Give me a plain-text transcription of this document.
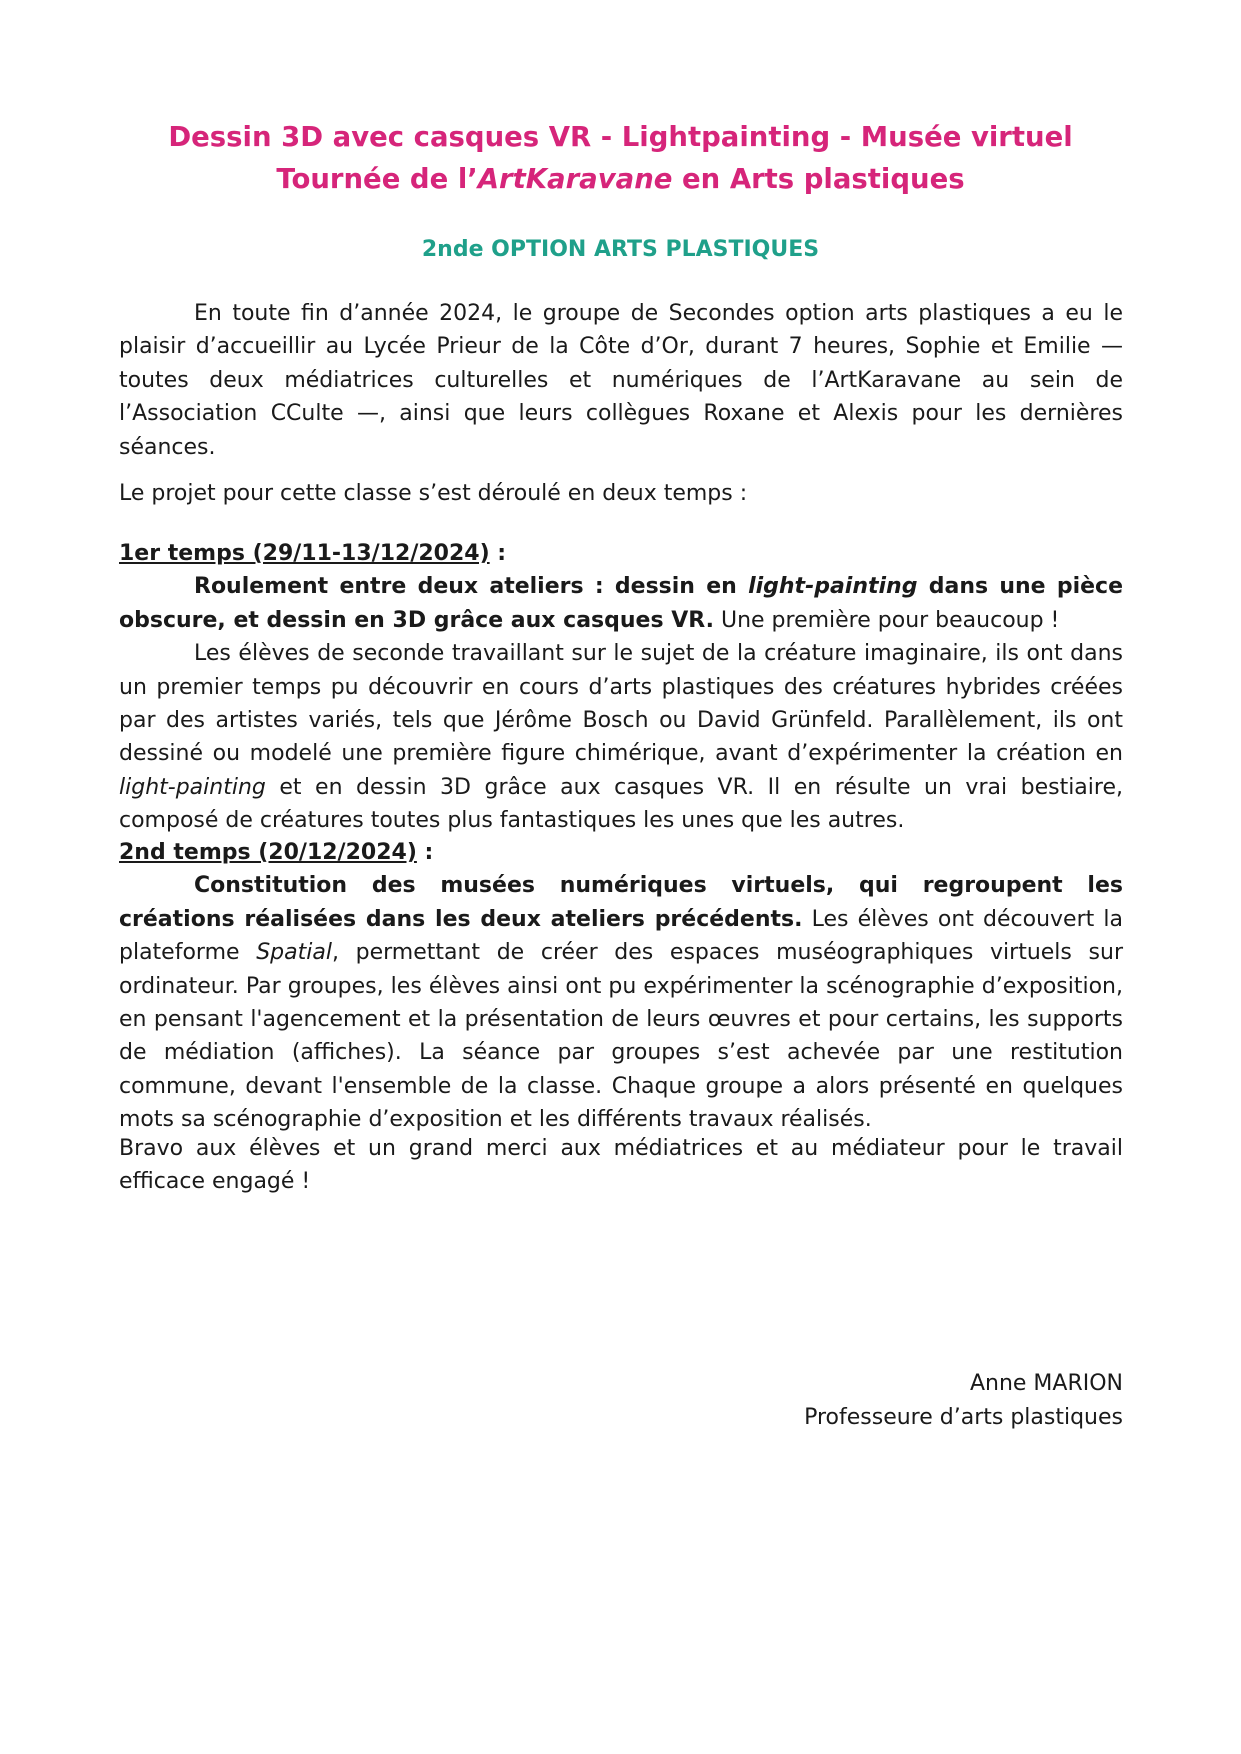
Dessin 3D avec casques VR - Lightpainting - Musée virtuel
Tournée de l’ArtKaravane en Arts plastiques
2nde OPTION ARTS PLASTIQUES

En toute fin d’année 2024, le groupe de Secondes option arts plastiques a eu le plaisir d’accueillir au Lycée Prieur de la Côte d’Or, durant 7 heures, Sophie et Emilie — toutes deux médiatrices culturelles et numériques de l’ArtKaravane au sein de l’Association CCulte —, ainsi que leurs collègues Roxane et Alexis pour les dernières séances.

Le projet pour cette classe s’est déroulé en deux temps :

1er temps (29/11-13/12/2024) :

Roulement entre deux ateliers : dessin en light-painting dans une pièce obscure, et dessin en 3D grâce aux casques VR. Une première pour beaucoup !

Les élèves de seconde travaillant sur le sujet de la créature imaginaire, ils ont dans un premier temps pu découvrir en cours d’arts plastiques des créatures hybrides créées par des artistes variés, tels que Jérôme Bosch ou David Grünfeld. Parallèlement, ils ont dessiné ou modelé une première figure chimérique, avant d’expérimenter la création en light-painting et en dessin 3D grâce aux casques VR. Il en résulte un vrai bestiaire, composé de créatures toutes plus fantastiques les unes que les autres.

2nd temps (20/12/2024) :

Constitution des musées numériques virtuels, qui regroupent les créations réalisées dans les deux ateliers précédents. Les élèves ont découvert la plateforme Spatial, permettant de créer des espaces muséographiques virtuels sur ordinateur. Par groupes, les élèves ainsi ont pu expérimenter la scénographie d’exposition, en pensant l'agencement et la présentation de leurs œuvres et pour certains, les supports de médiation (affiches). La séance par groupes s’est achevée par une restitution commune, devant l'ensemble de la classe. Chaque groupe a alors présenté en quelques mots sa scénographie d’exposition et les différents travaux réalisés.

Bravo aux élèves et un grand merci aux médiatrices et au médiateur pour le travail efficace engagé !

Anne MARION

Professeure d’arts plastiques
